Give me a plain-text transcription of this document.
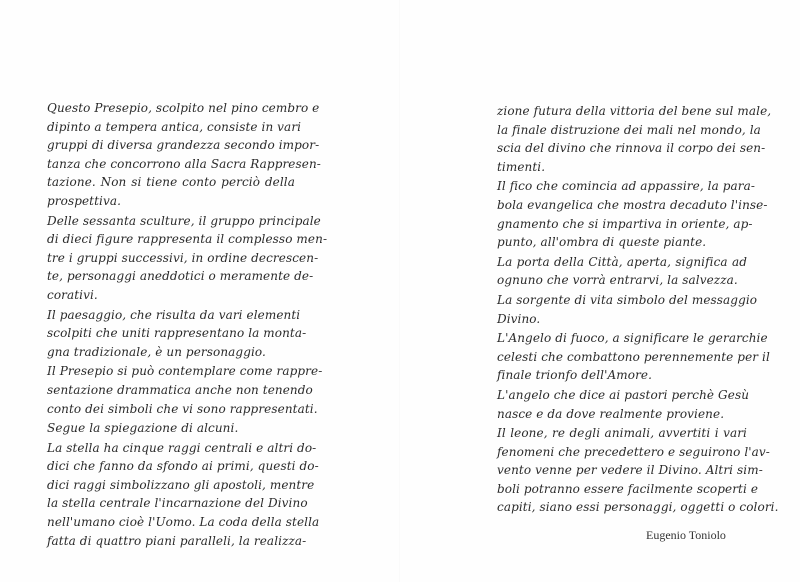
Questo Presepio, scolpito nel pino cembro e
dipinto a tempera antica, consiste in vari
gruppi di diversa grandezza secondo impor-
tanza che concorrono alla Sacra Rappresen-
tazione. Non si tiene conto perciò della
prospettiva.
Delle sessanta sculture, il gruppo principale
di dieci figure rappresenta il complesso men-
tre i gruppi successivi, in ordine decrescen-
te, personaggi aneddotici o meramente de-
corativi.
Il paesaggio, che risulta da vari elementi
scolpiti che uniti rappresentano la monta-
gna tradizionale, è un personaggio.
Il Presepio si può contemplare come rappre-
sentazione drammatica anche non tenendo
conto dei simboli che vi sono rappresentati.
Segue la spiegazione di alcuni.
La stella ha cinque raggi centrali e altri do-
dici che fanno da sfondo ai primi, questi do-
dici raggi simbolizzano gli apostoli, mentre
la stella centrale l'incarnazione del Divino
nell'umano cioè l'Uomo. La coda della stella
fatta di quattro piani paralleli, la realizza-
zione futura della vittoria del bene sul male,
la finale distruzione dei mali nel mondo, la
scia del divino che rinnova il corpo dei sen-
timenti.
Il fico che comincia ad appassire, la para-
bola evangelica che mostra decaduto l'inse-
gnamento che si impartiva in oriente, ap-
punto, all'ombra di queste piante.
La porta della Città, aperta, significa ad
ognuno che vorrà entrarvi, la salvezza.
La sorgente di vita simbolo del messaggio
Divino.
L'Angelo di fuoco, a significare le gerarchie
celesti che combattono perennemente per il
finale trionfo dell'Amore.
L'angelo che dice ai pastori perchè Gesù
nasce e da dove realmente proviene.
Il leone, re degli animali, avvertiti i vari
fenomeni che precedettero e seguirono l'av-
vento venne per vedere il Divino. Altri sim-
boli potranno essere facilmente scoperti e
capiti, siano essi personaggi, oggetti o colori.
Eugenio Toniolo
